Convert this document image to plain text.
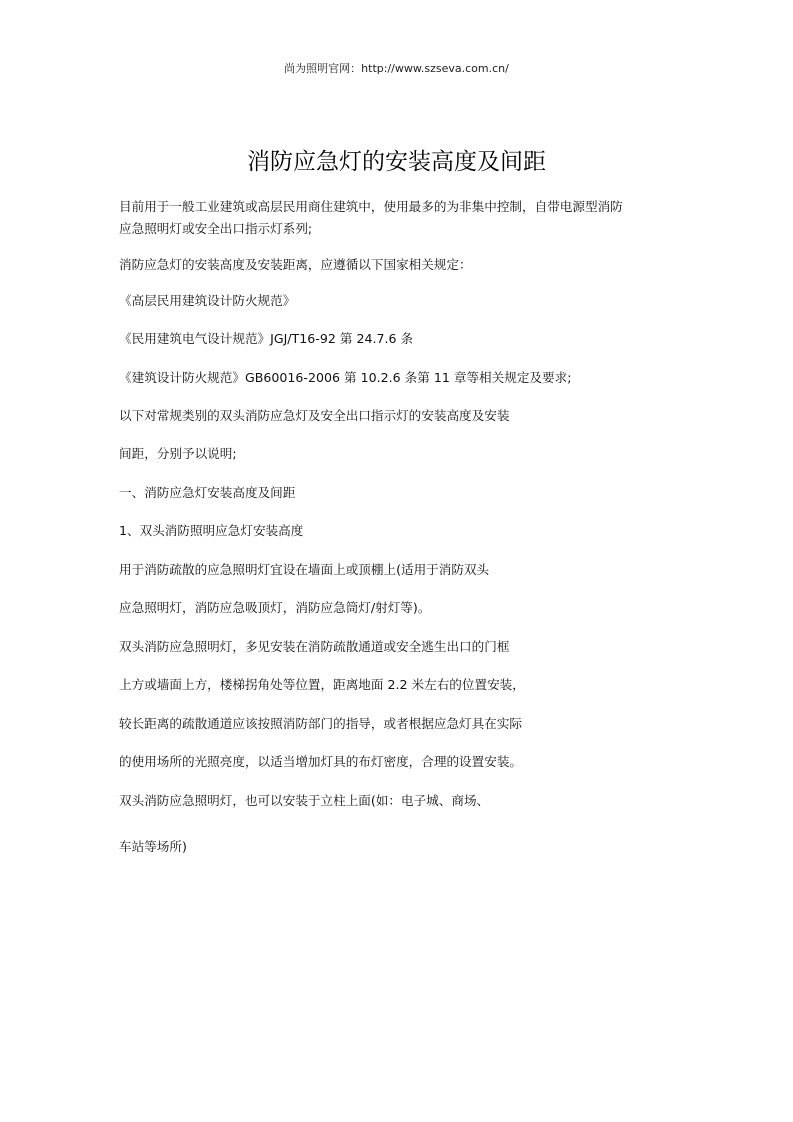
尚为照明官网：http://www.szseva.com.cn/
消防应急灯的安装高度及间距
目前用于一般工业建筑或高层民用商住建筑中，使用最多的为非集中控制，自带电源型消防
应急照明灯或安全出口指示灯系列;
消防应急灯的安装高度及安装距离，应遵循以下国家相关规定：
《高层民用建筑设计防火规范》
《民用建筑电气设计规范》JGJ/T16-92 第 24.7.6 条
《建筑设计防火规范》GB60016-2006 第 10.2.6 条第 11 章等相关规定及要求;
以下对常规类别的双头消防应急灯及安全出口指示灯的安装高度及安装
间距，分别予以说明;
一、消防应急灯安装高度及间距
1、双头消防照明应急灯安装高度
用于消防疏散的应急照明灯宜设在墙面上或顶棚上(适用于消防双头
应急照明灯，消防应急吸顶灯，消防应急筒灯/射灯等)。
双头消防应急照明灯，多见安装在消防疏散通道或安全逃生出口的门框
上方或墙面上方，楼梯拐角处等位置，距离地面 2.2 米左右的位置安装，
较长距离的疏散通道应该按照消防部门的指导，或者根据应急灯具在实际
的使用场所的光照亮度，以适当增加灯具的布灯密度，合理的设置安装。
双头消防应急照明灯，也可以安装于立柱上面(如：电子城、商场、
车站等场所)
